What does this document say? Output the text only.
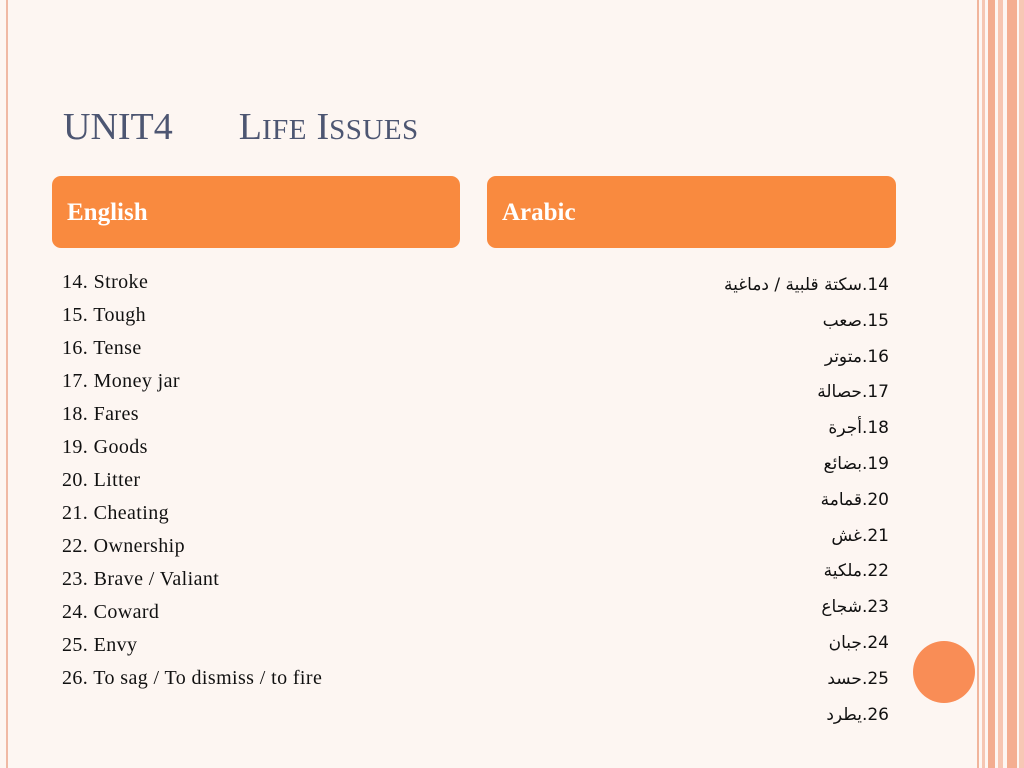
UNIT4 LIFE ISSUES
English	Arabic
14. Stroke
15. Tough
16. Tense
17. Money jar
18. Fares
19. Goods
20. Litter
21. Cheating
22. Ownership
23. Brave / Valiant
24. Coward
25. Envy
26. To sag / To dismiss / to fire
سكتة قلبية / دماغية.14
صعب.15
متوتر.16
حصالة.17
أجرة.18
بضائع.19
قمامة.20
غش.21
ملكية.22
شجاع.23
جبان.24
حسد.25
يطرد.26
